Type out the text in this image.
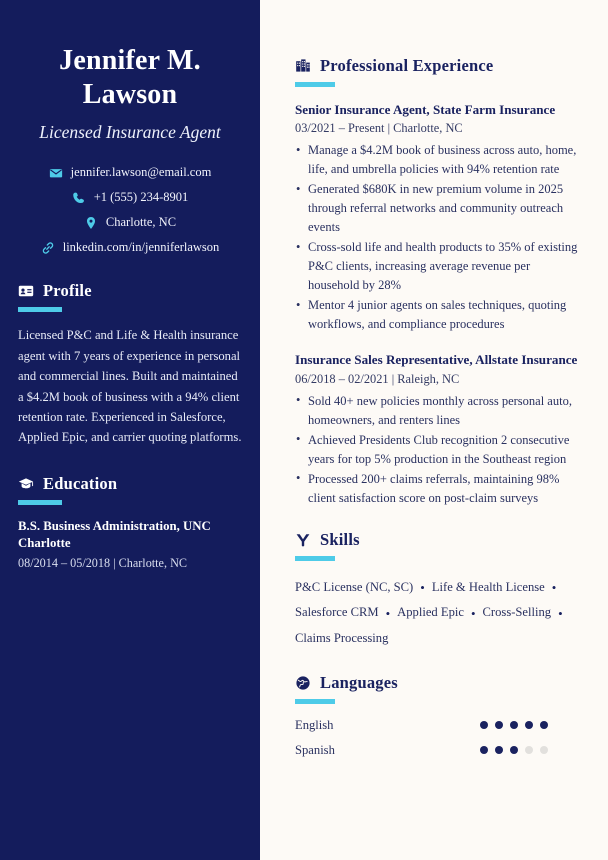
Jennifer M. Lawson
Licensed Insurance Agent
jennifer.lawson@email.com
+1 (555) 234-8901
Charlotte, NC
linkedin.com/in/jenniferlawson
Profile

Licensed P&C and Life & Health insurance agent with 7 years of experience in personal and commercial lines. Built and maintained a $4.2M book of business with a 94% client retention rate. Experienced in Salesforce, Applied Epic, and carrier quoting platforms.

Education
B.S. Business Administration, UNC Charlotte
08/2014 – 05/2018 | Charlotte, NC
Professional Experience
Senior Insurance Agent, State Farm Insurance
03/2021 – Present | Charlotte, NC
• Manage a $4.2M book of business across auto, home, life, and umbrella policies with 94% retention rate
• Generated $680K in new premium volume in 2025 through referral networks and community outreach events
• Cross-sold life and health products to 35% of existing P&C clients, increasing average revenue per household by 28%
• Mentor 4 junior agents on sales techniques, quoting workflows, and compliance procedures
Insurance Sales Representative, Allstate Insurance
06/2018 – 02/2021 | Raleigh, NC
• Sold 40+ new policies monthly across personal auto, homeowners, and renters lines
• Achieved Presidents Club recognition 2 consecutive years for top 5% production in the Southeast region
• Processed 200+ claims referrals, maintaining 98% client satisfaction score on post-claim surveys
Skills
P&C License (NC, SC) • Life & Health License •Salesforce CRM • Applied Epic • Cross-Selling •Claims Processing
Languages
English
Spanish
